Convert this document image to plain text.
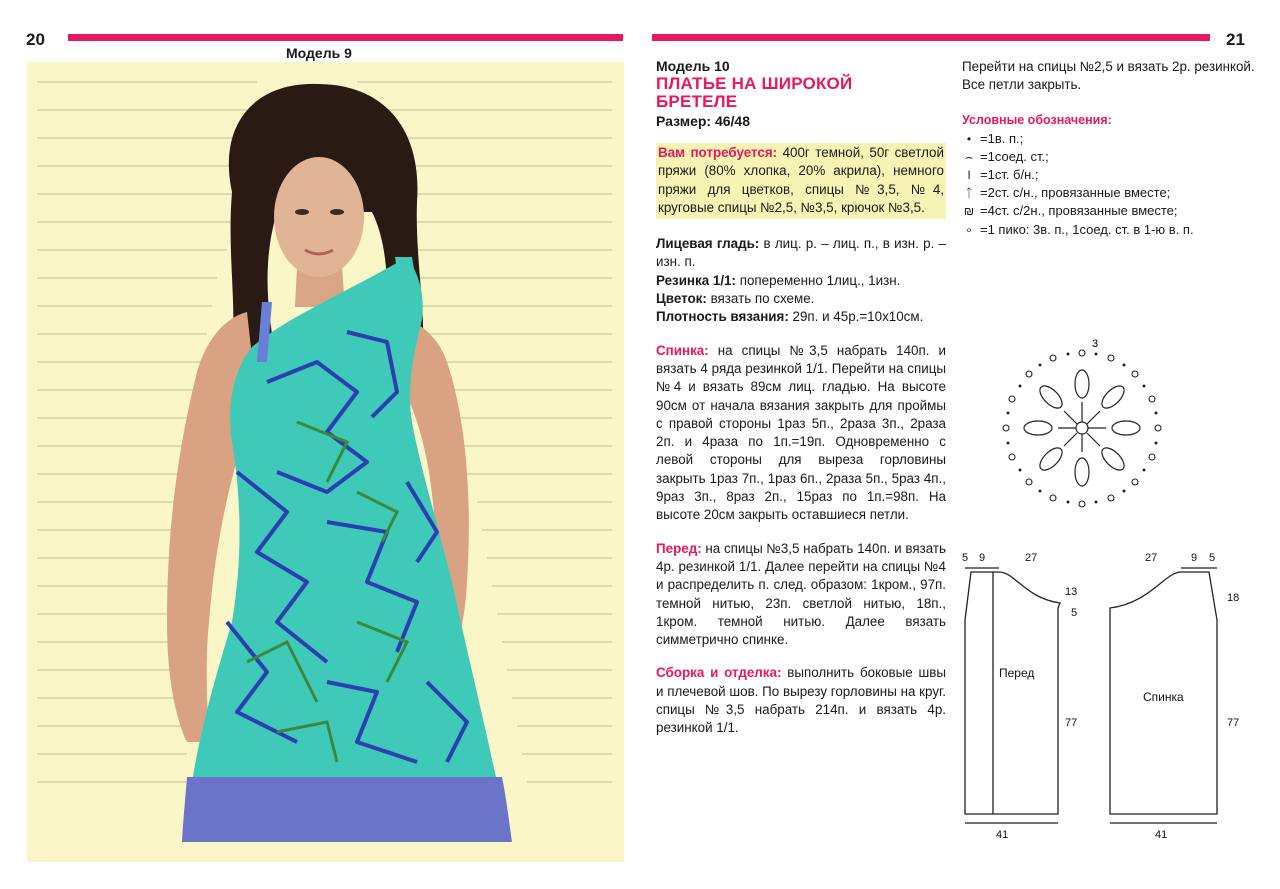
20
Модель 9
21
Модель 10
ПЛАТЬЕ НА ШИРОКОЙ БРЕТЕЛЕ
Размер: 46/48

Вам потребуется: 400г темной, 50г светлой пряжи (80% хлопка, 20% акрила), немного пряжи для цветков, спицы №3,5, №4, круговые спицы №2,5, №3,5, крючок №3,5.

Лицевая гладь: в лиц. р. – лиц. п., в изн. р. – изн. п.
Резинка 1/1: попеременно 1лиц., 1изн.
Цветок: вязать по схеме.
Плотность вязания: 29п. и 45р.=10x10см.

Спинка: на спицы №3,5 набрать 140п. и вязать 4 ряда резинкой 1/1. Перейти на спицы №4 и вязать 89см лиц. гладью. На высоте 90см от начала вязания закрыть для проймы с правой стороны 1раз 5п., 2раза 3п., 2раза 2п. и 4раза по 1п.=19п. Одновременно с левой стороны для выреза горловины закрыть 1раз 7п., 1раз 6п., 2раза 5п., 5раз 4п., 9раз 3п., 8раз 2п., 15раз по 1п.=98п. На высоте 20см закрыть оставшиеся петли.

Перед: на спицы №3,5 набрать 140п. и вязать 4р. резинкой 1/1. Далее перейти на спицы №4 и распределить п. след. образом: 1кром., 97п. темной нитью, 23п. светлой нитью, 18п., 1кром. темной нитью. Далее вязать симметрично спинке.

Сборка и отделка: выполнить боковые швы и плечевой шов. По вырезу горловины на круг. спицы №3,5 набрать 214п. и вязать 4р. резинкой 1/1.

Перейти на спицы №2,5 и вязать 2р. резинкой. Все петли закрыть.

Условные обозначения:
• =1в. п.;
⌢ =1соед. ст.;
ǀ =1ст. б/н.;
ᛏ =2ст. с/н., провязанные вместе;
₪ =4ст. с/2н., провязанные вместе;
∘ =1 пико: 3в. п., 1соед. ст. в 1-ю в. п.
3
5 9	27
13
5
77
41
Перед
27	9 5
18
77
41
Спинка
